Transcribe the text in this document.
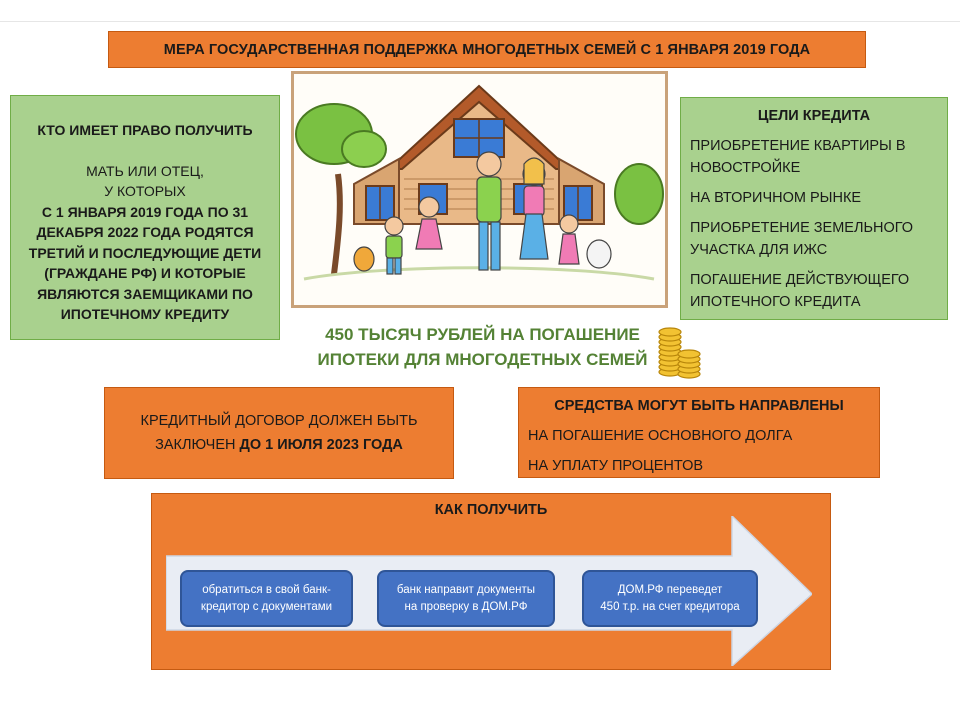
МЕРА ГОСУДАРСТВЕННАЯ ПОДДЕРЖКА МНОГОДЕТНЫХ СЕМЕЙ С 1 ЯНВАРЯ 2019 ГОДА
КТО ИМЕЕТ ПРАВО ПОЛУЧИТЬ
МАТЬ ИЛИ ОТЕЦ,
У КОТОРЫХ
С 1 ЯНВАРЯ 2019 ГОДА ПО 31 ДЕКАБРЯ 2022 ГОДА РОДЯТСЯ ТРЕТИЙ И ПОСЛЕДУЮЩИЕ ДЕТИ (ГРАЖДАНЕ РФ) И КОТОРЫЕ ЯВЛЯЮТСЯ ЗАЕМЩИКАМИ ПО ИПОТЕЧНОМУ КРЕДИТУ
ЦЕЛИ КРЕДИТА
ПРИОБРЕТЕНИЕ КВАРТИРЫ В НОВОСТРОЙКЕ
НА ВТОРИЧНОМ РЫНКЕ
ПРИОБРЕТЕНИЕ ЗЕМЕЛЬНОГО УЧАСТКА ДЛЯ ИЖС
ПОГАШЕНИЕ ДЕЙСТВУЮЩЕГО ИПОТЕЧНОГО КРЕДИТА
450 ТЫСЯЧ РУБЛЕЙ НА ПОГАШЕНИЕ
ИПОТЕКИ ДЛЯ МНОГОДЕТНЫХ СЕМЕЙ
КРЕДИТНЫЙ ДОГОВОР ДОЛЖЕН БЫТЬ ЗАКЛЮЧЕН ДО 1 ИЮЛЯ 2023 ГОДА
СРЕДСТВА МОГУТ БЫТЬ НАПРАВЛЕНЫ
НА ПОГАШЕНИЕ ОСНОВНОГО ДОЛГА
НА УПЛАТУ ПРОЦЕНТОВ
КАК ПОЛУЧИТЬ
обратиться в свой банк-
кредитор с документами
банк направит документы
на проверку в ДОМ.РФ
ДОМ.РФ переведет
450 т.р. на счет кредитора
